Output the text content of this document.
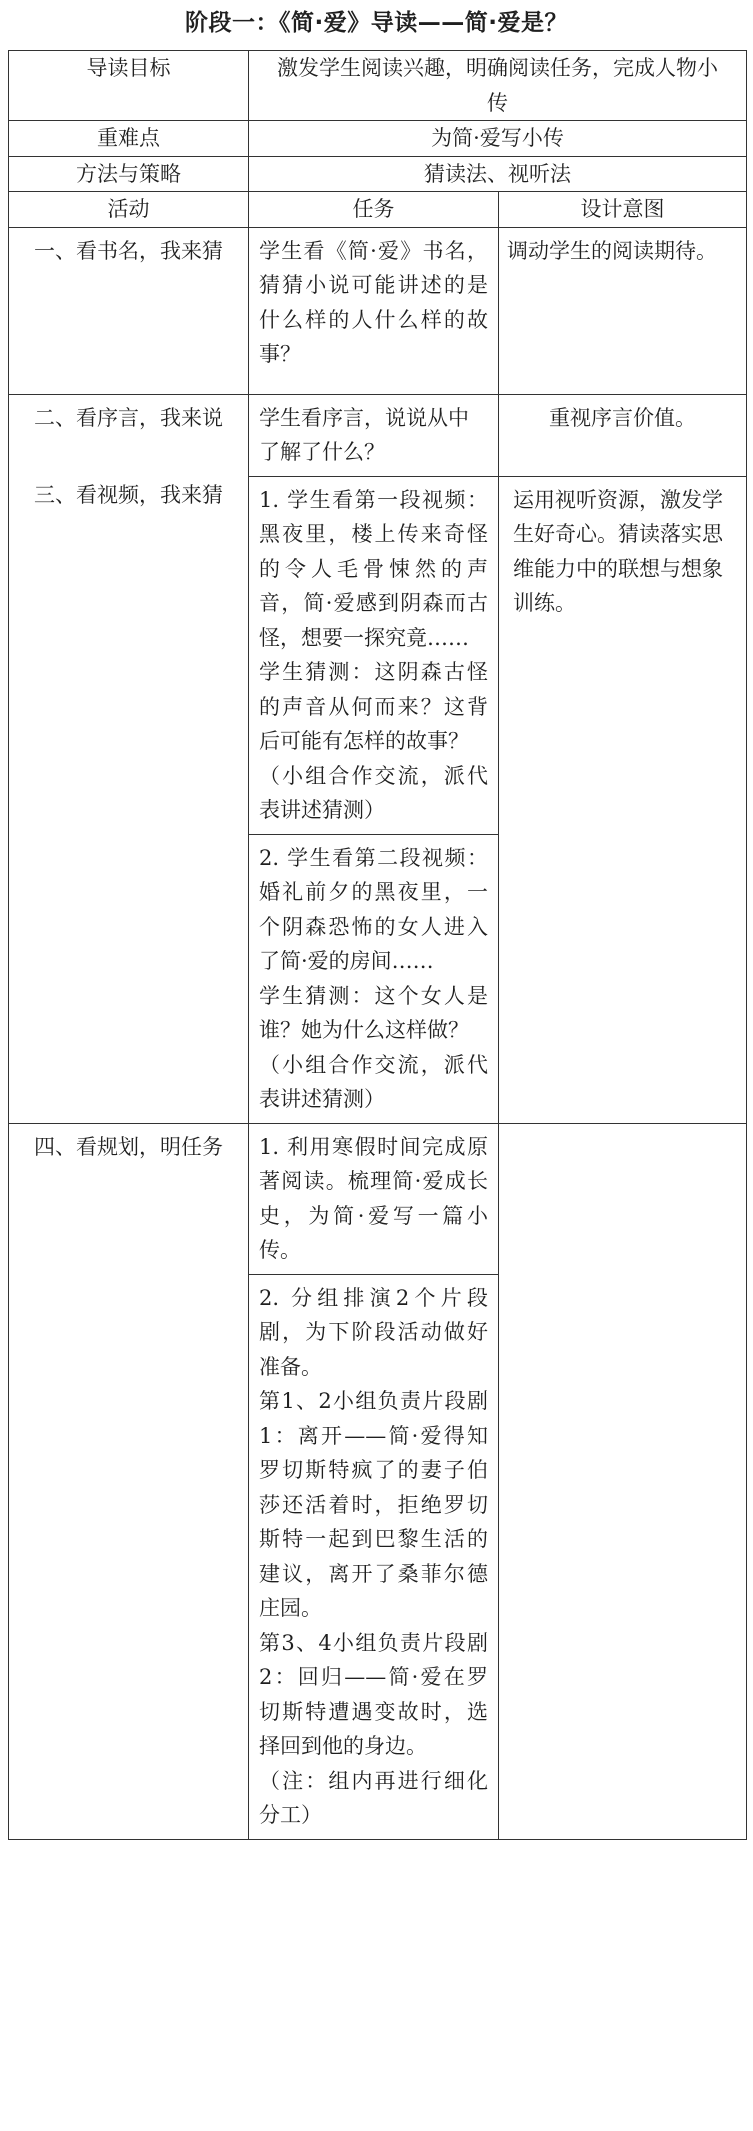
阶段一：《简·爱》导读——简·爱是？
导读目标	激发学生阅读兴趣，明确阅读任务，完成人物小传	
重难点	为简·爱写小传	
方法与策略	猜读法、视听法	
活动	任务	设计意图
一、看书名，我来猜	学生看《简·爱》书名，猜猜小说可能讲述的是什么样的人什么样的故事？	调动学生的阅读期待。
二、看序言，我来说	学生看序言，说说从中了解了什么？	重视序言价值。
三、看视频，我来猜	1. 学生看第一段视频：黑夜里，楼上传来奇怪的令人毛骨悚然的声音，简·爱感到阴森而古怪，想要一探究竟……
学生猜测：这阴森古怪的声音从何而来？这背后可能有怎样的故事？
（小组合作交流，派代表讲述猜测）	运用视听资源，激发学生好奇心。猜读落实思维能力中的联想与想象训练。

	2. 学生看第二段视频：婚礼前夕的黑夜里，一个阴森恐怖的女人进入了简·爱的房间……
学生猜测：这个女人是谁？她为什么这样做？
（小组合作交流，派代表讲述猜测）	

四、看规划，明任务	1. 利用寒假时间完成原著阅读。梳理简·爱成长史，为简·爱写一篇小传。	

	2. 分组排演2个片段剧，为下阶段活动做好准备。
第1、2小组负责片段剧1：离开——简·爱得知罗切斯特疯了的妻子伯莎还活着时，拒绝罗切斯特一起到巴黎生活的建议，离开了桑菲尔德庄园。
第3、4小组负责片段剧2：回归——简·爱在罗切斯特遭遇变故时，选择回到他的身边。
（注：组内再进行细化分工）	
